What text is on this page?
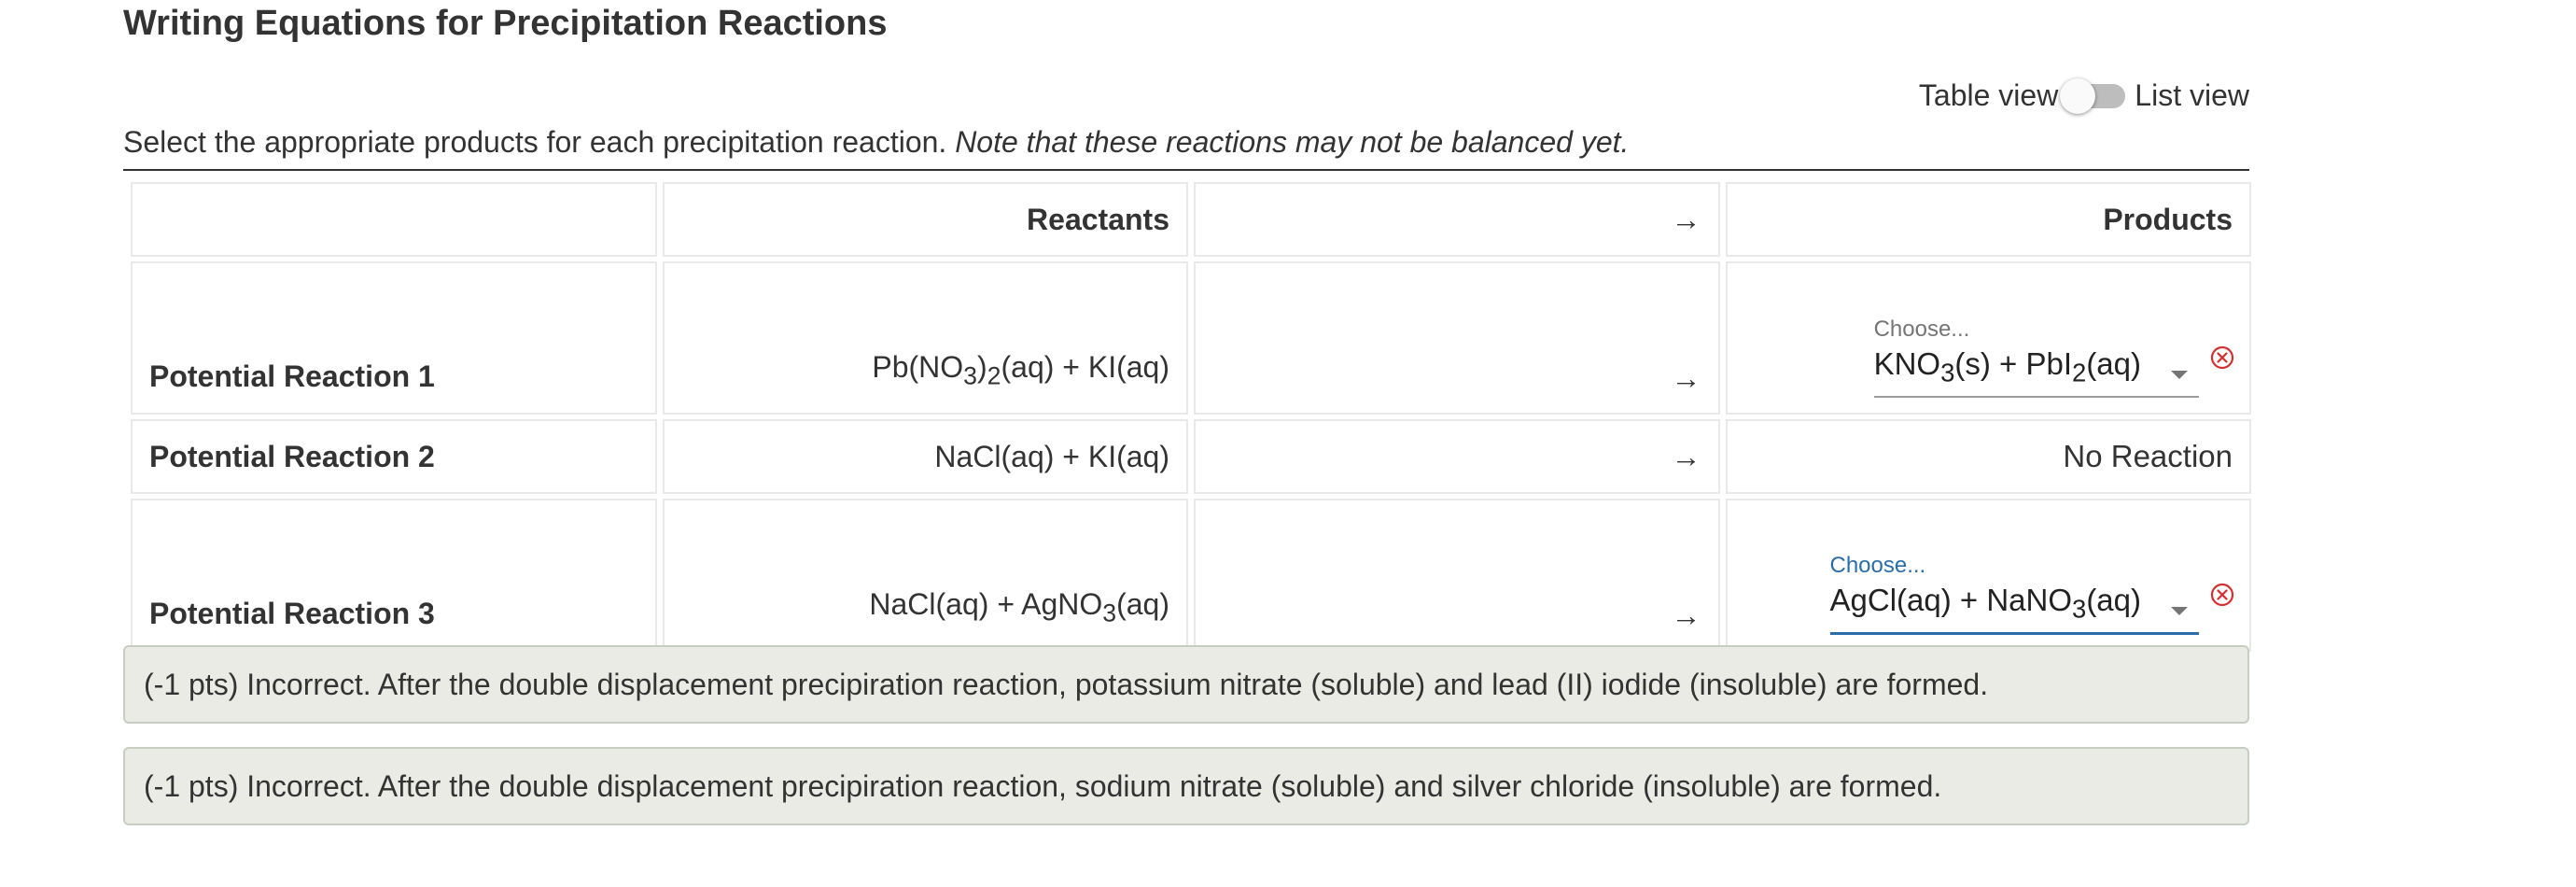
Writing Equations for Precipitation Reactions
Table view	List view
Select the appropriate products for each precipitation reaction. Note that these reactions may not be balanced yet.
	Reactants	→	Products
Potential Reaction 1	$Pb(NO_3)_2(aq) + KI(aq)$	→	Choose...
$KNO_3(s) + PbI_2(aq)$

Potential Reaction 2	NaCl(aq) + KI(aq)	→	No Reaction
Potential Reaction 3	NaCl(aq) + AgNO$_3$(aq)	→	Choose...
AgCl(aq) + NaNO$_3$(aq)
(-1 pts) Incorrect. After the double displacement precipiration reaction, potassium nitrate (soluble) and lead (II) iodide (insoluble) are formed.
(-1 pts) Incorrect. After the double displacement precipiration reaction, sodium nitrate (soluble) and silver chloride (insoluble) are formed.
